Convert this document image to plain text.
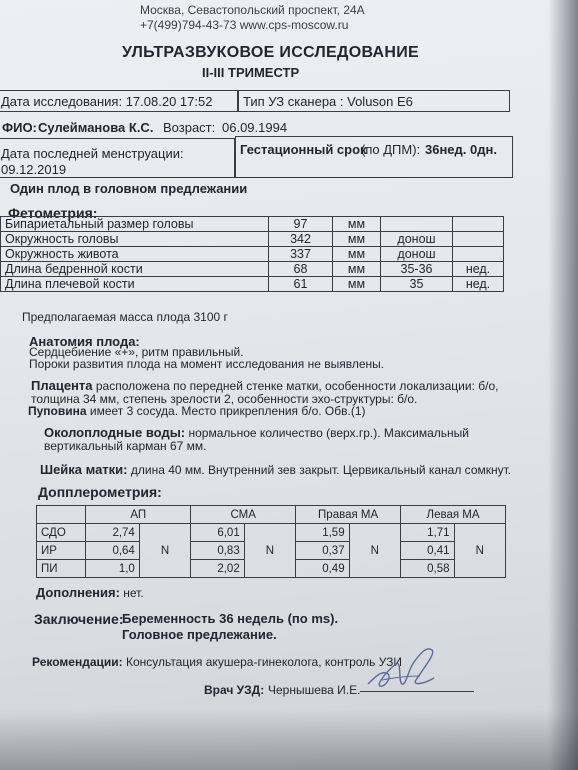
Москва, Севастопольский проспект, 24А
+7(499)794-43-73 www.cps-moscow.ru
УЛЬТРАЗВУКОВОЕ ИССЛЕДОВАНИЕ
II-III ТРИМЕСТР
Дата исследования: 17.08.20 17:52 Тип УЗ сканера : Voluson E6
ФИО: Сулейманова К.С. Возраст: 06.09.1994
Дата последней менструации:
09.12.2019
Гестационный срок
(по ДПМ): 36нед. 0дн.
Один плод в головном предлежании
Фетометрия:
Бипариетальный размер головы	97	мм		
Окружность головы	342	мм	донош	
Окружность живота	337	мм	донош	
Длина бедренной кости	68	мм	35-36	нед.
Длина плечевой кости	61	мм	35	нед.
Предполагаемая масса плода 3100 г
Анатомия плода:
Сердцебиение «+», ритм правильный.
Пороки развития плода на момент исследования не выявлены.
Плацента расположена по передней стенке матки, особенности локализации: б/о,
толщина 34 мм, степень зрелости 2, особенности эхо-структуры: б/о.
Пуповина имеет 3 сосуда. Место прикрепления б/о. Обв.(1)
Околоплодные воды: нормальное количество (верх.гр.). Максимальный
вертикальный карман 67 мм.
Шейка матки: длина 40 мм. Внутренний зев закрыт. Цервикальный канал сомкнут.
Допплерометрия:
	АП		СМА		Правая МА		Левая МА	
СДО	2,74	N	6,01	N	1,59	N	1,71	N
ИР	0,64		0,83		0,37		0,41	
ПИ	1,0		2,02		0,49		0,58	
Дополнения: нет.
Заключение:
Беременность 36 недель (по ms).
Головное предлежание.
Рекомендации: Консультация акушера-гинеколога, контроль УЗИ
Врач УЗД: Чернышева И.Е.
